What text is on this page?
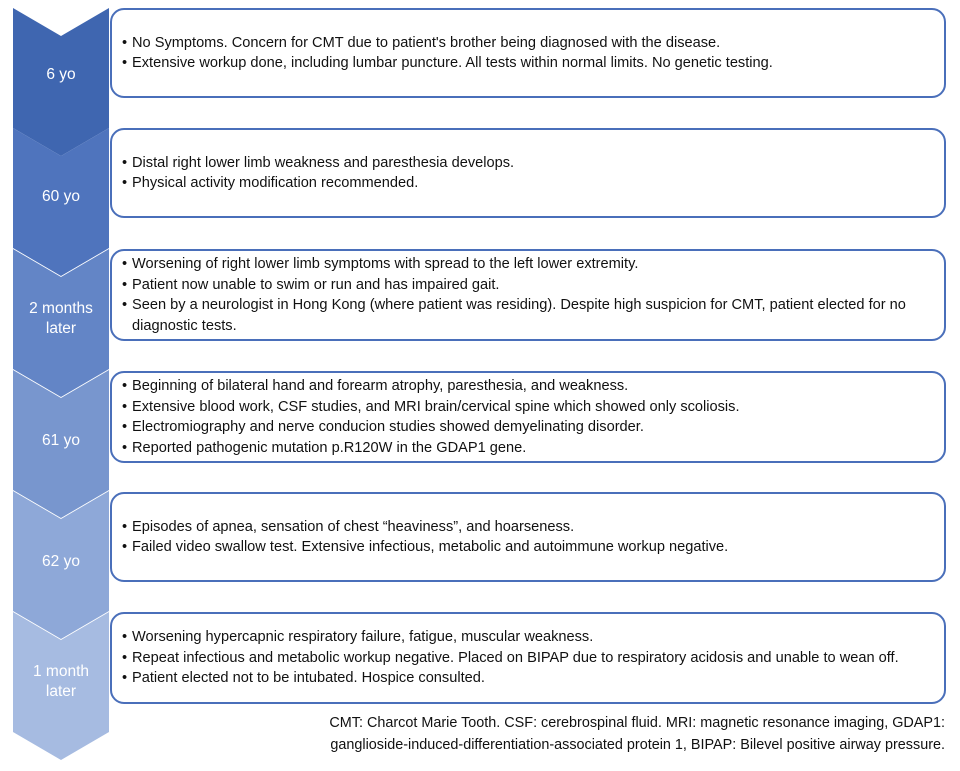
6 yo
60 yo
2 months
later
61 yo
62 yo
1 month
later
• No Symptoms. Concern for CMT due to patient's brother being diagnosed with the disease.
• Extensive workup done, including lumbar puncture. All tests within normal limits. No genetic testing.
• Distal right lower limb weakness and paresthesia develops.
• Physical activity modification recommended.
• Worsening of right lower limb symptoms with spread to the left lower extremity.
• Patient now unable to swim or run and has impaired gait.
• Seen by a neurologist in Hong Kong (where patient was residing). Despite high suspicion for CMT, patient elected for no diagnostic tests.
• Beginning of bilateral hand and forearm atrophy, paresthesia, and weakness.
• Extensive blood work, CSF studies, and MRI brain/cervical spine which showed only scoliosis.
• Electromiography and nerve conducion studies showed demyelinating disorder.
• Reported pathogenic mutation p.R120W in the GDAP1 gene.
• Episodes of apnea, sensation of chest “heaviness”, and hoarseness.
• Failed video swallow test. Extensive infectious, metabolic and autoimmune workup negative.
• Worsening hypercapnic respiratory failure, fatigue, muscular weakness.
• Repeat infectious and metabolic workup negative. Placed on BIPAP due to respiratory acidosis and unable to wean off.
• Patient elected not to be intubated. Hospice consulted.
CMT: Charcot Marie Tooth. CSF: cerebrospinal fluid. MRI: magnetic resonance imaging, GDAP1:
ganglioside-induced-differentiation-associated protein 1, BIPAP: Bilevel positive airway pressure.
